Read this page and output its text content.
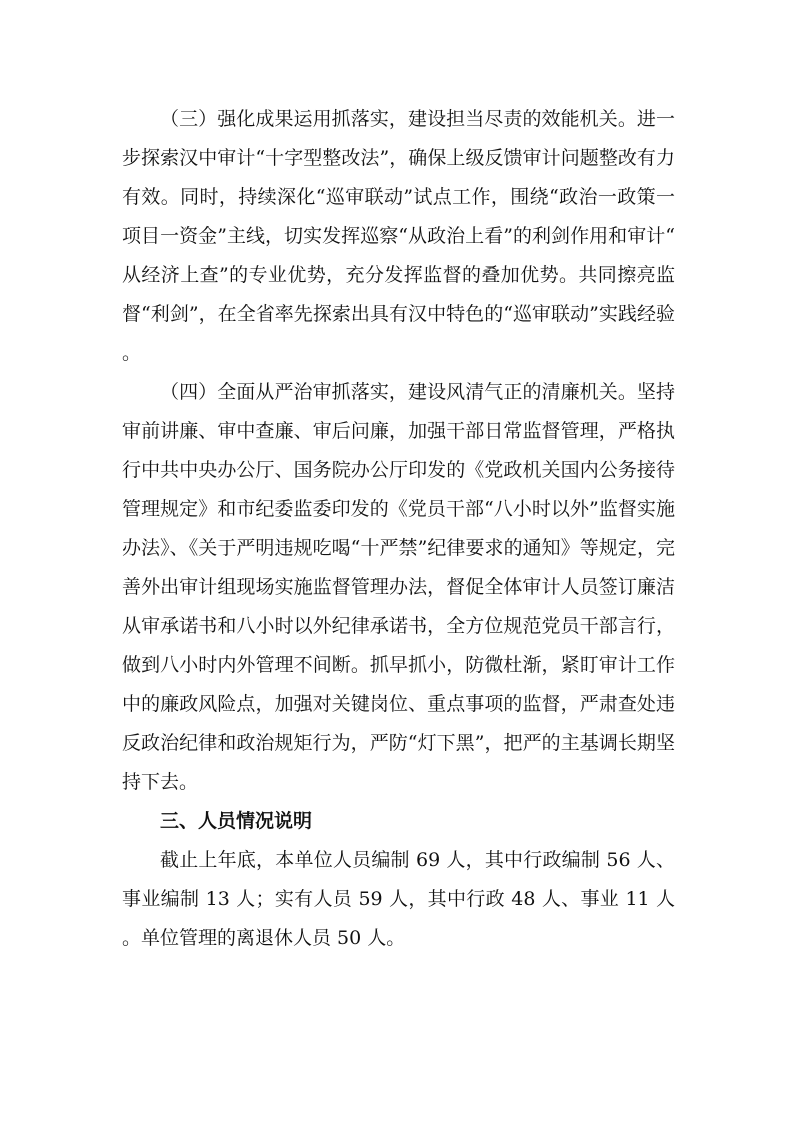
（三）强化成果运用抓落实，建设担当尽责的效能机关。进一步探索汉中审计“十字型整改法”，确保上级反馈审计问题整改有力有效。同时，持续深化“巡审联动”试点工作，围绕“政治一政策一项目一资金”主线，切实发挥巡察“从政治上看”的利剑作用和审计“从经济上查”的专业优势，充分发挥监督的叠加优势。共同擦亮监督“利剑”，在全省率先探索出具有汉中特色的“巡审联动”实践经验。

（四）全面从严治审抓落实，建设风清气正的清廉机关。坚持审前讲廉、审中查廉、审后问廉，加强干部日常监督管理，严格执行中共中央办公厅、国务院办公厅印发的《党政机关国内公务接待管理规定》和市纪委监委印发的《党员干部“八小时以外”监督实施办法》、《关于严明违规吃喝“十严禁”纪律要求的通知》等规定，完善外出审计组现场实施监督管理办法，督促全体审计人员签订廉洁从审承诺书和八小时以外纪律承诺书，全方位规范党员干部言行，做到八小时内外管理不间断。抓早抓小，防微杜渐，紧盯审计工作中的廉政风险点，加强对关键岗位、重点事项的监督，严肃查处违反政治纪律和政治规矩行为，严防“灯下黑”，把严的主基调长期坚持下去。

三、人员情况说明

截止上年底，本单位人员编制 69 人，其中行政编制 56 人、事业编制 13 人；实有人员 59 人，其中行政 48 人、事业 11 人。单位管理的离退休人员 50 人。
